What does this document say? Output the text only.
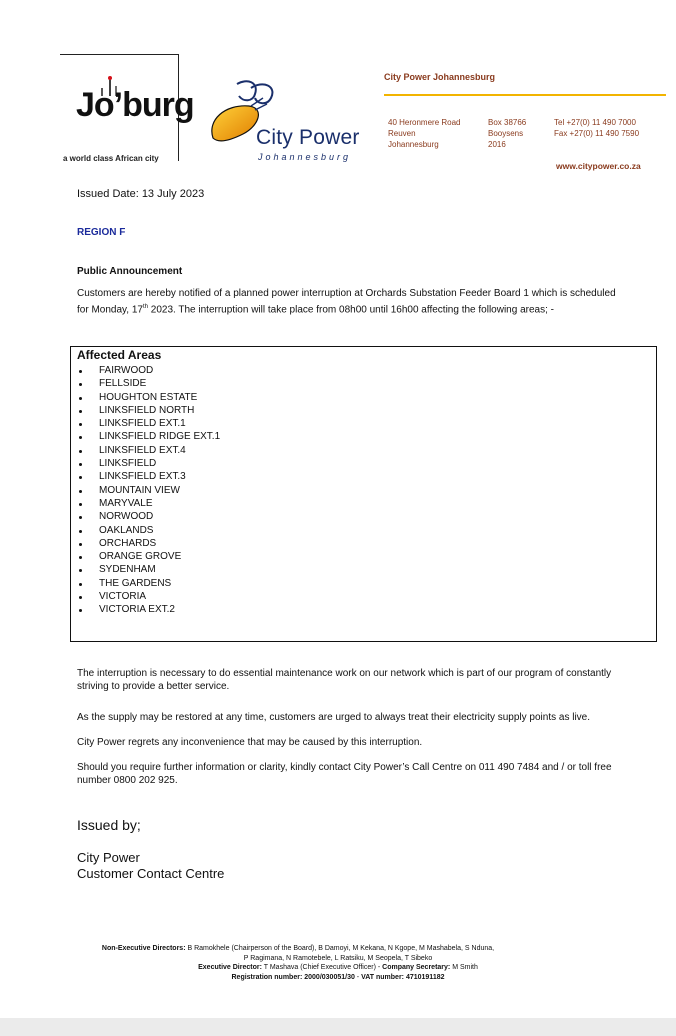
Jo’burg
a world class African city
City Power
Johannesburg
City Power Johannesburg
40 Heronmere Road
Reuven
Johannesburg
Box 38766
Booysens
2016
Tel +27(0) 11 490 7000
Fax +27(0) 11 490 7590
www.citypower.co.za
Issued Date: 13 July 2023
REGION F
Public Announcement
Customers are hereby notified of a planned power interruption at Orchards Substation Feeder Board 1 which is scheduled
for Monday, 17th 2023. The interruption will take place from 08h00 until 16h00 affecting the following areas; -
Affected Areas
FAIRWOOD
FELLSIDE
HOUGHTON ESTATE
LINKSFIELD NORTH
LINKSFIELD EXT.1
LINKSFIELD RIDGE EXT.1
LINKSFIELD EXT.4
LINKSFIELD
LINKSFIELD EXT.3
MOUNTAIN VIEW
MARYVALE
NORWOOD
OAKLANDS
ORCHARDS
ORANGE GROVE
SYDENHAM
THE GARDENS
VICTORIA
VICTORIA EXT.2
The interruption is necessary to do essential maintenance work on our network which is part of our program of constantly
striving to provide a better service.
As the supply may be restored at any time, customers are urged to always treat their electricity supply points as live.
City Power regrets any inconvenience that may be caused by this interruption.
Should you require further information or clarity, kindly contact City Power’s Call Centre on 011 490 7484 and / or toll free
number 0800 202 925.
Issued by;
City Power
Customer Contact Centre
Non-Executive Directors: B Ramokhele (Chairperson of the Board), B Damoyi, M Kekana, N Kgope, M Mashabela, S Nduna,
P Ragimana, N Ramotebele, L Ratsiku, M Seopela, T Sibeko
Executive Director: T Mashava (Chief Executive Officer) - Company Secretary: M Smith
Registration number: 2000/030051/30 - VAT number: 4710191182
